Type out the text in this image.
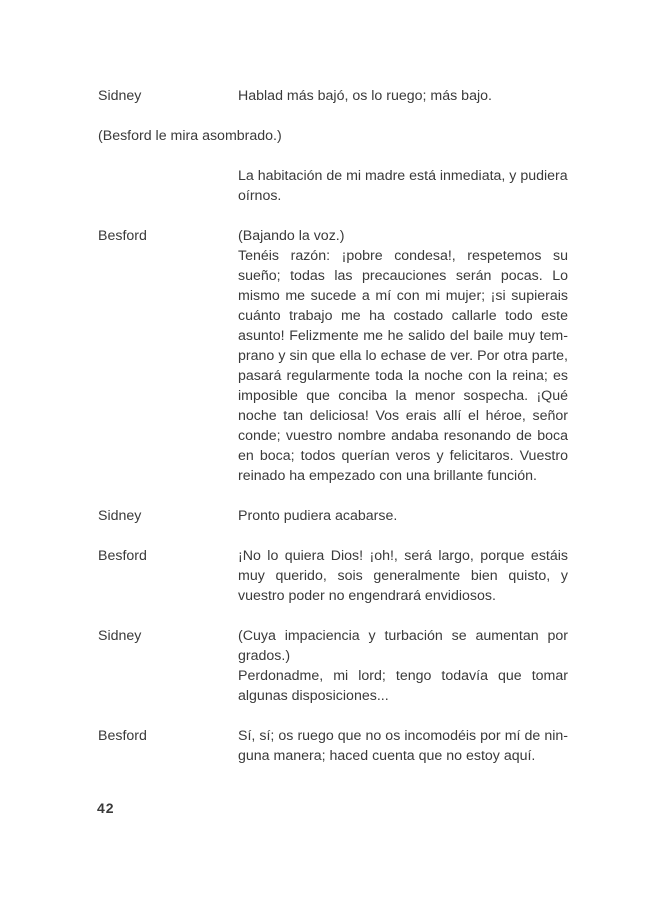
Sidney	Hablad más bajó, os lo ruego; más bajo.

(Besford le mira asombrado.)

La habitación de mi madre está inmediata, y pudiera oírnos.

Besford	(Bajando la voz.)

Tenéis razón: ¡pobre condesa!, respetemos su sueño; todas las precauciones serán pocas. Lo mismo me sucede a mí con mi mujer; ¡si supierais cuánto trabajo me ha costado callarle todo este asunto! Felizmente me he salido del baile muy temprano y sin que ella lo echase de ver. Por otra parte, pasará regularmente toda la noche con la reina; es imposible que conciba la menor sospecha. ¡Qué noche tan deliciosa! Vos erais allí el héroe, señor conde; vuestro nombre andaba resonando de boca en boca; todos querían veros y felicitaros. Vuestro reinado ha empezado con una brillante función.

Sidney	Pronto pudiera acabarse.

Besford	¡No lo quiera Dios! ¡oh!, será largo, porque estáis muy querido, sois generalmente bien quisto, y vuestro poder no engendrará envidiosos.

Sidney	(Cuya impaciencia y turbación se aumentan por grados.)

Perdonadme, mi lord; tengo todavía que tomar algunas disposiciones...

Besford	Sí, sí; os ruego que no os incomodéis por mí de ninguna manera; haced cuenta que no estoy aquí.

42
